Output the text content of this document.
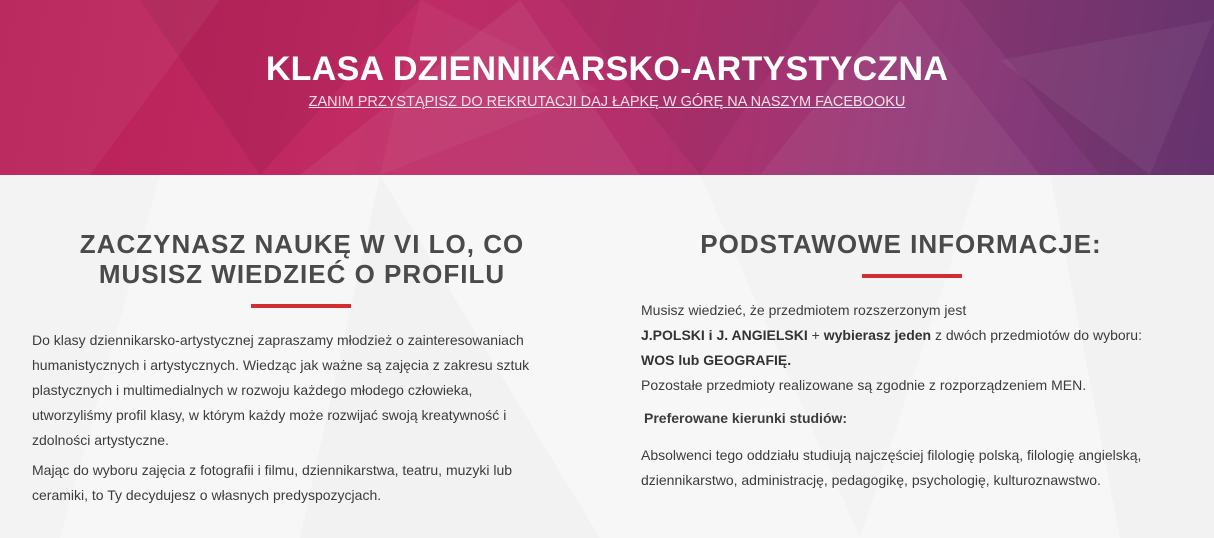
KLASA DZIENNIKARSKO-ARTYSTYCZNA
ZANIM PRZYSTĄPISZ DO REKRUTACJI DAJ ŁAPKĘ W GÓRĘ NA NASZYM FACEBOOKU
ZACZYNASZ NAUKĘ W VI LO, CO
MUSISZ WIEDZIEĆ O PROFILU

Do klasy dziennikarsko-artystycznej zapraszamy młodzież o zainteresowaniach
humanistycznych i artystycznych. Wiedząc jak ważne są zajęcia z zakresu sztuk
plastycznych i multimedialnych w rozwoju każdego młodego człowieka,
utworzyliśmy profil klasy, w którym każdy może rozwijać swoją kreatywność i
zdolności artystyczne.

Mając do wyboru zajęcia z fotografii i filmu, dziennikarstwa, teatru, muzyki lub
ceramiki, to Ty decydujesz o własnych predyspozycjach.

PODSTAWOWE INFORMACJE:

Musisz wiedzieć, że przedmiotem rozszerzonym jest
J.POLSKI i J. ANGIELSKI + wybierasz jeden z dwóch przedmiotów do wyboru:
WOS lub GEOGRAFIĘ.
Pozostałe przedmioty realizowane są zgodnie z rozporządzeniem MEN.

Preferowane kierunki studiów:

Absolwenci tego oddziału studiują najczęściej filologię polską, filologię angielską,
dziennikarstwo, administrację, pedagogikę, psychologię, kulturoznawstwo.
